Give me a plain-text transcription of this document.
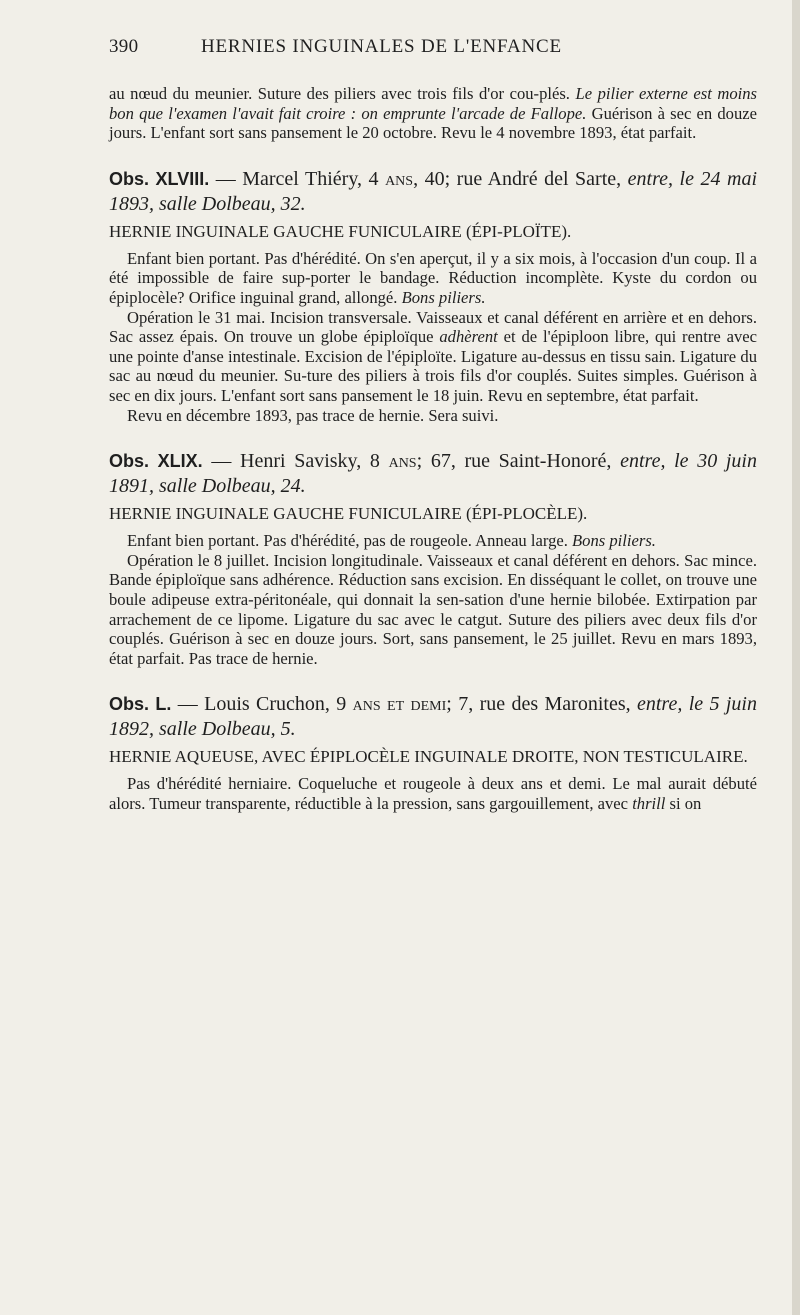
390	HERNIES INGUINALES DE L'ENFANCE

au nœud du meunier. Suture des piliers avec trois fils d'or cou-plés. Le pilier externe est moins bon que l'examen l'avait fait croire : on emprunte l'arcade de Fallope. Guérison à sec en douze jours. L'enfant sort sans pansement le 20 octobre. Revu le 4 novembre 1893, état parfait.

Obs. XLVIII. — Marcel Thiéry, 4 ans, 40; rue André del Sarte, entre, le 24 mai 1893, salle Dolbeau, 32.

HERNIE INGUINALE GAUCHE FUNICULAIRE (ÉPI-PLOÏTE).

Enfant bien portant. Pas d'hérédité. On s'en aperçut, il y a six mois, à l'occasion d'un coup. Il a été impossible de faire sup-porter le bandage. Réduction incomplète. Kyste du cordon ou épiplocèle? Orifice inguinal grand, allongé. Bons piliers.

Opération le 31 mai. Incision transversale. Vaisseaux et canal déférent en arrière et en dehors. Sac assez épais. On trouve un globe épiploïque adhèrent et de l'épiploon libre, qui rentre avec une pointe d'anse intestinale. Excision de l'épiploïte. Ligature au-dessus en tissu sain. Ligature du sac au nœud du meunier. Su-ture des piliers à trois fils d'or couplés. Suites simples. Guérison à sec en dix jours. L'enfant sort sans pansement le 18 juin. Revu en septembre, état parfait.

Revu en décembre 1893, pas trace de hernie. Sera suivi.

Obs. XLIX. — Henri Savisky, 8 ans; 67, rue Saint-Honoré, entre, le 30 juin 1891, salle Dolbeau, 24.

HERNIE INGUINALE GAUCHE FUNICULAIRE (ÉPI-PLOCÈLE).

Enfant bien portant. Pas d'hérédité, pas de rougeole. Anneau large. Bons piliers.

Opération le 8 juillet. Incision longitudinale. Vaisseaux et canal déférent en dehors. Sac mince. Bande épiploïque sans adhérence. Réduction sans excision. En disséquant le collet, on trouve une boule adipeuse extra-péritonéale, qui donnait la sen-sation d'une hernie bilobée. Extirpation par arrachement de ce lipome. Ligature du sac avec le catgut. Suture des piliers avec deux fils d'or couplés. Guérison à sec en douze jours. Sort, sans pansement, le 25 juillet. Revu en mars 1893, état parfait. Pas trace de hernie.

Obs. L. — Louis Cruchon, 9 ans et demi; 7, rue des Maronites, entre, le 5 juin 1892, salle Dolbeau, 5.

HERNIE AQUEUSE, AVEC ÉPIPLOCÈLE INGUINALE DROITE, NON TESTICULAIRE.

Pas d'hérédité herniaire. Coqueluche et rougeole à deux ans et demi. Le mal aurait débuté alors. Tumeur transparente, réductible à la pression, sans gargouillement, avec thrill si on
